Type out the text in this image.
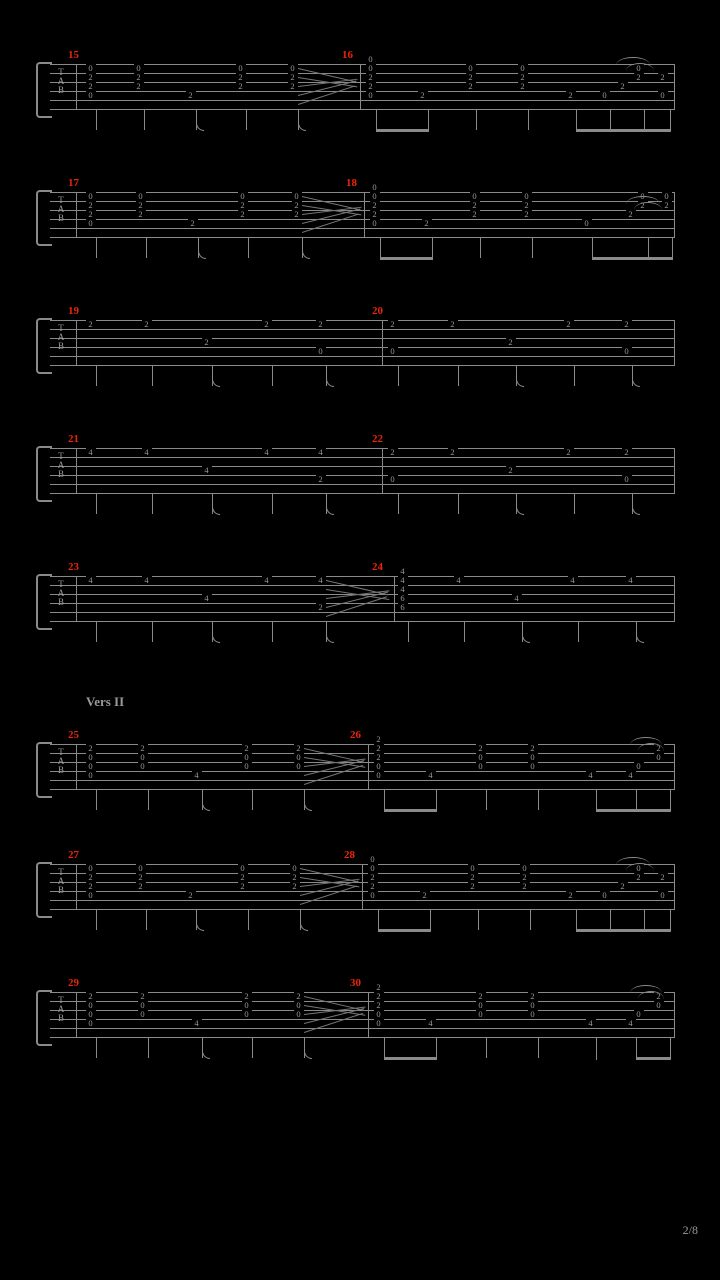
T
A
B
15	16
0
2
2
0
0
2
2
2
0
2
2
0
2
2
0
2
2
0
0
2
0
2
2
0
2
2
2	0
2
0
2	2
0
T
A
B
17	18
0
2
2
0
0
2
2
2
0
2
2
0
2
2
0
0
2
2
0	2
0
2
2
0
2
2
0
2
0
2	2
0
T
A
B
19	20
2	2
2
2	2
0
2
0
2
2
2	2
0
T
A
B
21	22
4	4
4
4	4
2
2
0
2
2
2	2
0
T
A
B
23	24
4	4
4
4	4
2
4
4
4
6
6
4
4
4	4
Vers II
T
A
B
25	26
2
0
0
0
2
0
0
4
2
0
0
2
0
0
2
2
2
0
0	4
2
0
0
2
0
0
4	4
0
2
0
T
A
B
27	28
0
2
2
0
0
2
2
2
0
2
2
0
2
2
0
0
2
2
0	2
0
2
2
0
2
2
2	0
2
0
2	2
0
T
A
B
29	30
2
0
0
0
2
0
0
4
2
0
0
2
0
0
2
2
2
0
0	4
2
0
0
2
0
0
4	4
0
2
0
2/8
